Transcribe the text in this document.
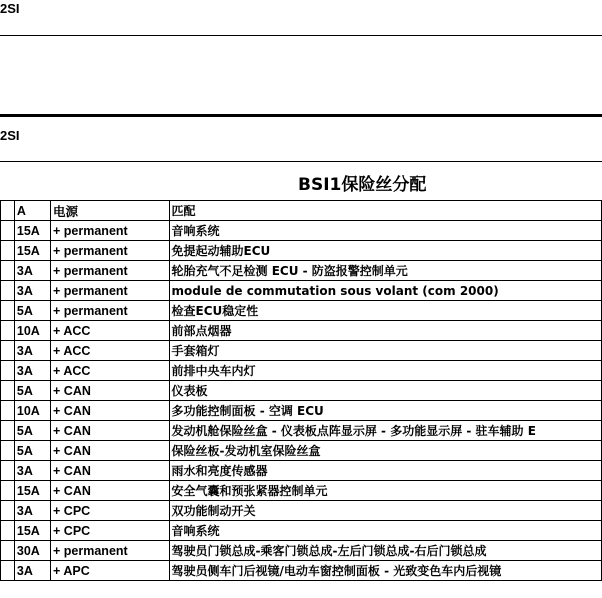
2SI
2SI
BSI1保险丝分配
	A	电源	匹配
	15A	+ permanent	音响系统
	15A	+ permanent	免提起动辅助ECU
	3A	+ permanent	轮胎充气不足检测 ECU - 防盗报警控制单元
	3A	+ permanent	module de commutation sous volant (com 2000)
	5A	+ permanent	检查ECU稳定性
	10A	+ ACC	前部点烟器
	3A	+ ACC	手套箱灯
	3A	+ ACC	前排中央车内灯
	5A	+ CAN	仪表板
	10A	+ CAN	多功能控制面板 - 空调 ECU
	5A	+ CAN	发动机舱保险丝盒 - 仪表板点阵显示屏 - 多功能显示屏 - 驻车辅助 E
	5A	+ CAN	保险丝板-发动机室保险丝盒
	3A	+ CAN	雨水和亮度传感器
	15A	+ CAN	安全气囊和预张紧器控制单元
	3A	+ CPC	双功能制动开关
	15A	+ CPC	音响系统
	30A	+ permanent	驾驶员门锁总成-乘客门锁总成-左后门锁总成-右后门锁总成
	3A	+ APC	驾驶员侧车门后视镜/电动车窗控制面板 - 光致变色车内后视镜
